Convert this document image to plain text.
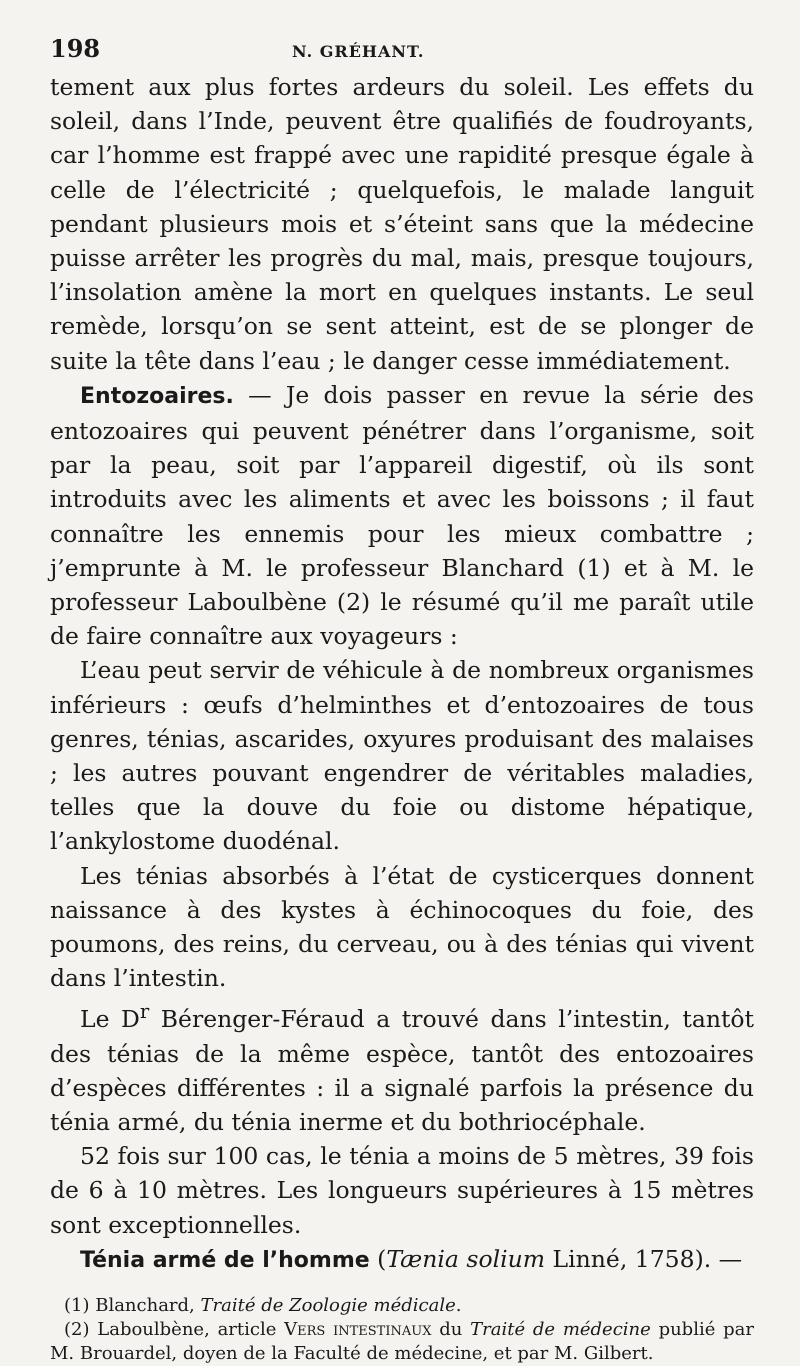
198	N. GRÉHANT.

tement aux plus fortes ardeurs du soleil. Les effets du soleil, dans l’Inde, peuvent être qualifiés de foudroyants, car l’homme est frappé avec une rapidité presque égale à celle de l’électricité ; quelquefois, le malade languit pendant plusieurs mois et s’éteint sans que la médecine puisse arrêter les progrès du mal, mais, presque toujours, l’insolation amène la mort en quelques instants. Le seul remède, lorsqu’on se sent atteint, est de se plonger de suite la tête dans l’eau ; le danger cesse immédiatement.

Entozoaires. — Je dois passer en revue la série des entozoaires qui peuvent pénétrer dans l’organisme, soit par la peau, soit par l’appareil digestif, où ils sont introduits avec les aliments et avec les boissons ; il faut connaître les ennemis pour les mieux combattre ; j’emprunte à M. le professeur Blanchard (1) et à M. le professeur Laboulbène (2) le résumé qu’il me paraît utile de faire connaître aux voyageurs :

L’eau peut servir de véhicule à de nombreux organismes inférieurs : œufs d’helminthes et d’entozoaires de tous genres, ténias, ascarides, oxyures produisant des malaises ; les autres pouvant engendrer de véritables maladies, telles que la douve du foie ou distome hépatique, l’ankylostome duodénal.

Les ténias absorbés à l’état de cysticerques donnent naissance à des kystes à échinocoques du foie, des poumons, des reins, du cerveau, ou à des ténias qui vivent dans l’intestin.

Le $D^r$ Bérenger-Féraud a trouvé dans l’intestin, tantôt des ténias de la même espèce, tantôt des entozoaires d’espèces différentes : il a signalé parfois la présence du ténia armé, du ténia inerme et du bothriocéphale.

52 fois sur 100 cas, le ténia a moins de 5 mètres, 39 fois de 6 à 10 mètres. Les longueurs supérieures à 15 mètres sont exceptionnelles.

Ténia armé de l’homme (Tænia solium Linné, 1758). —

(1) Blanchard, Traité de Zoologie médicale.

(2) Laboulbène, article Vers intestinaux du Traité de médecine publié par M. Brouardel, doyen de la Faculté de médecine, et par M. Gilbert.
